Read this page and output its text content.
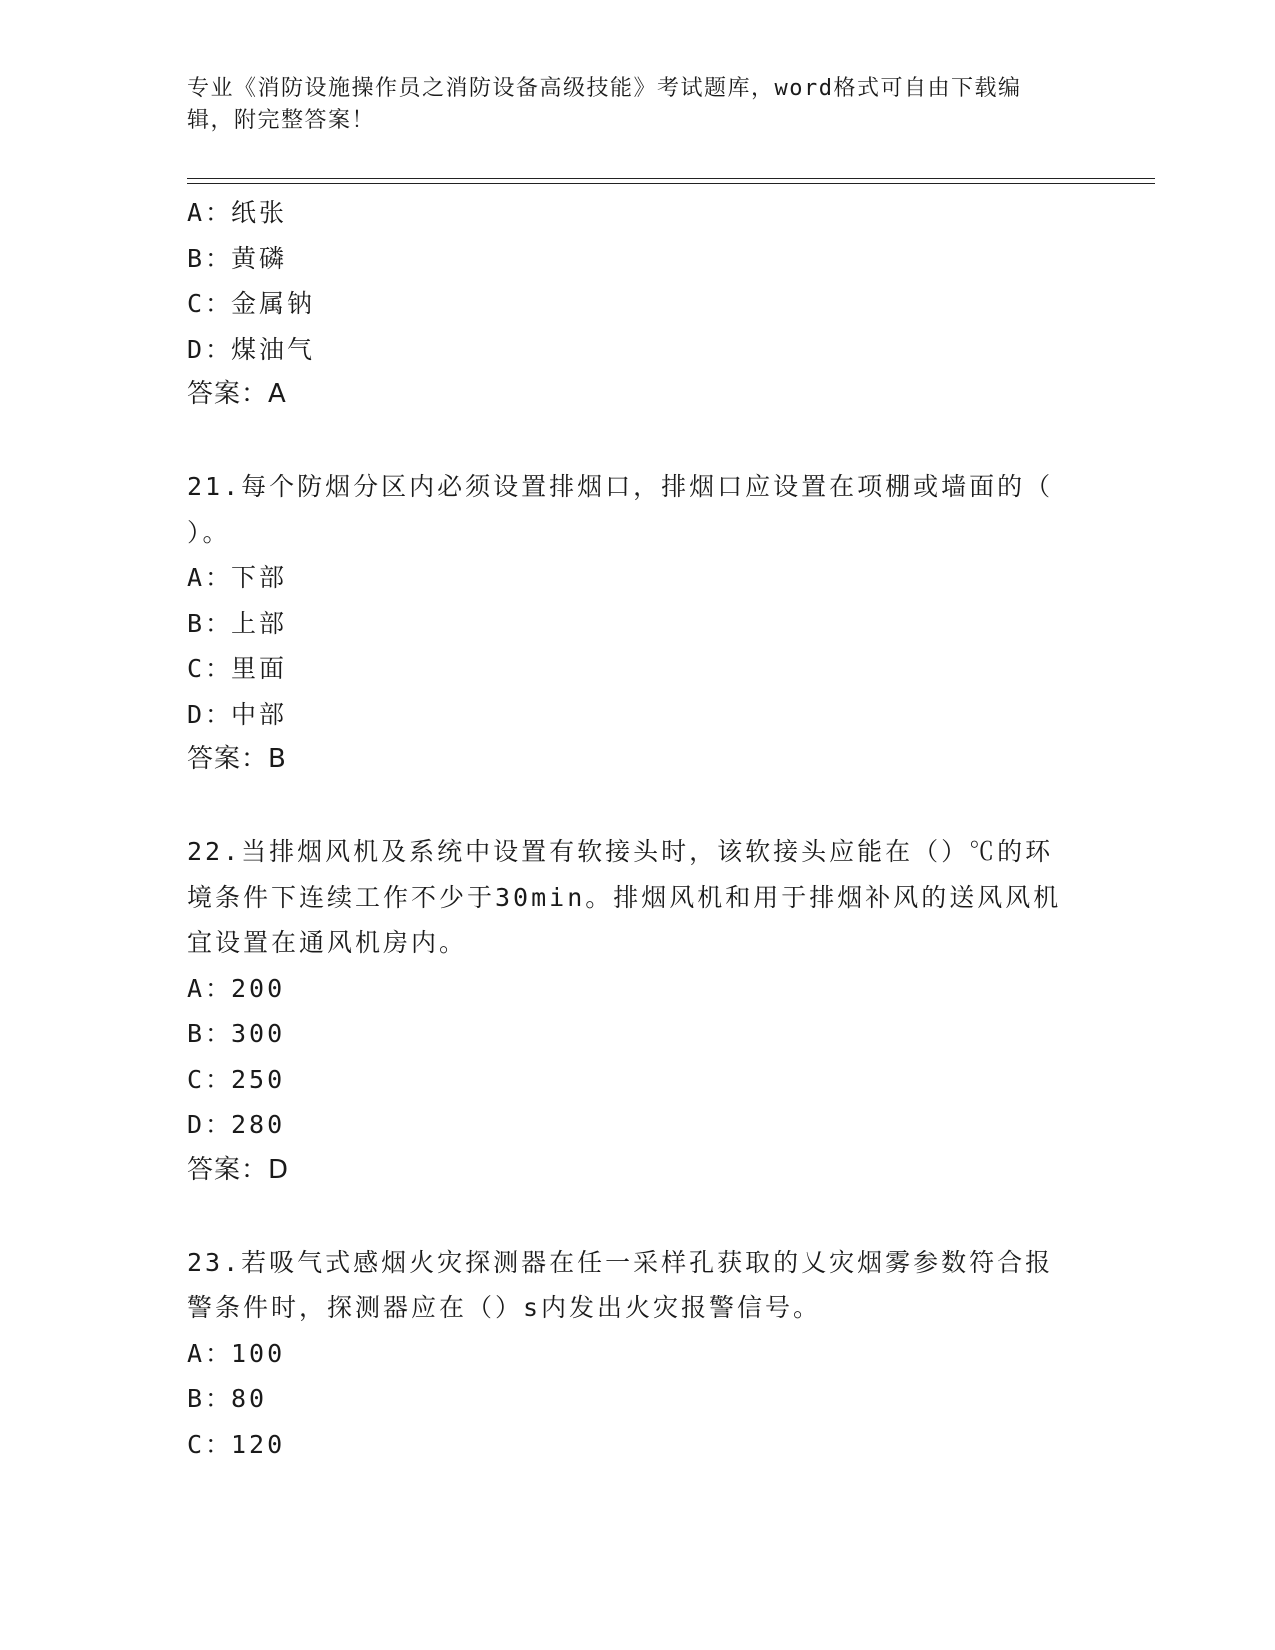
专业《消防设施操作员之消防设备高级技能》考试题库，word格式可自由下载编
辑，附完整答案！
A：纸张
B：黄磷
C：金属钠
D：煤油气
答案：A
21.每个防烟分区内必须设置排烟口，排烟口应设置在项棚或墙面的（
）。
A：下部
B：上部
C：里面
D：中部
答案：B
22.当排烟风机及系统中设置有软接头时，该软接头应能在（）℃的环
境条件下连续工作不少于30min。排烟风机和用于排烟补风的送风风机
宜设置在通风机房内。
A：200
B：300
C：250
D：280
答案：D
23.若吸气式感烟火灾探测器在任一采样孔获取的乂灾烟雾参数符合报
警条件时，探测器应在（）s内发出火灾报警信号。
A：100
B：80
C：120
